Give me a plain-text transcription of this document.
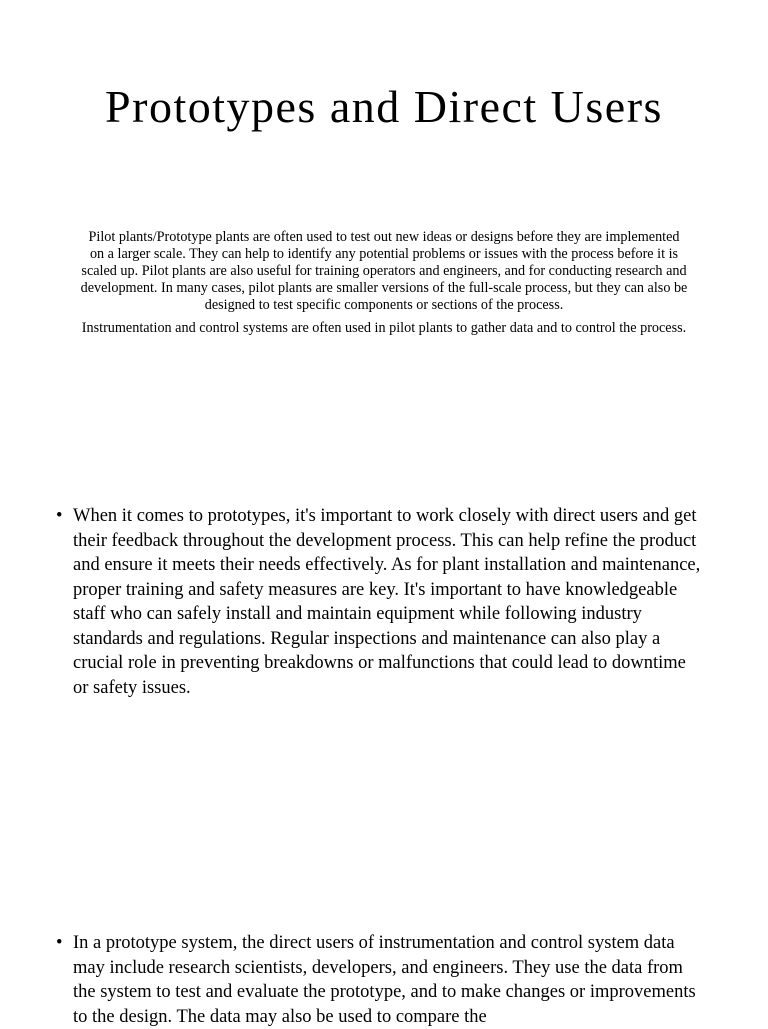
Prototypes and Direct Users

Pilot plants/Prototype plants are often used to test out new ideas or designs before they are implemented on a larger scale. They can help to identify any potential problems or issues with the process before it is scaled up. Pilot plants are also useful for training operators and engineers, and for conducting research and development. In many cases, pilot plants are smaller versions of the full-scale process, but they can also be designed to test specific components or sections of the process.

Instrumentation and control systems are often used in pilot plants to gather data and to control the process.

• When it comes to prototypes, it's important to work closely with direct users and get their feedback throughout the development process. This can help refine the product and ensure it meets their needs effectively. As for plant installation and maintenance, proper training and safety measures are key. It's important to have knowledgeable staff who can safely install and maintain equipment while following industry standards and regulations. Regular inspections and maintenance can also play a crucial role in preventing breakdowns or malfunctions that could lead to downtime or safety issues.
• In a prototype system, the direct users of instrumentation and control system data may include research scientists, developers, and engineers. They use the data from the system to test and evaluate the prototype, and to make changes or improvements to the design. The data may also be used to compare the
